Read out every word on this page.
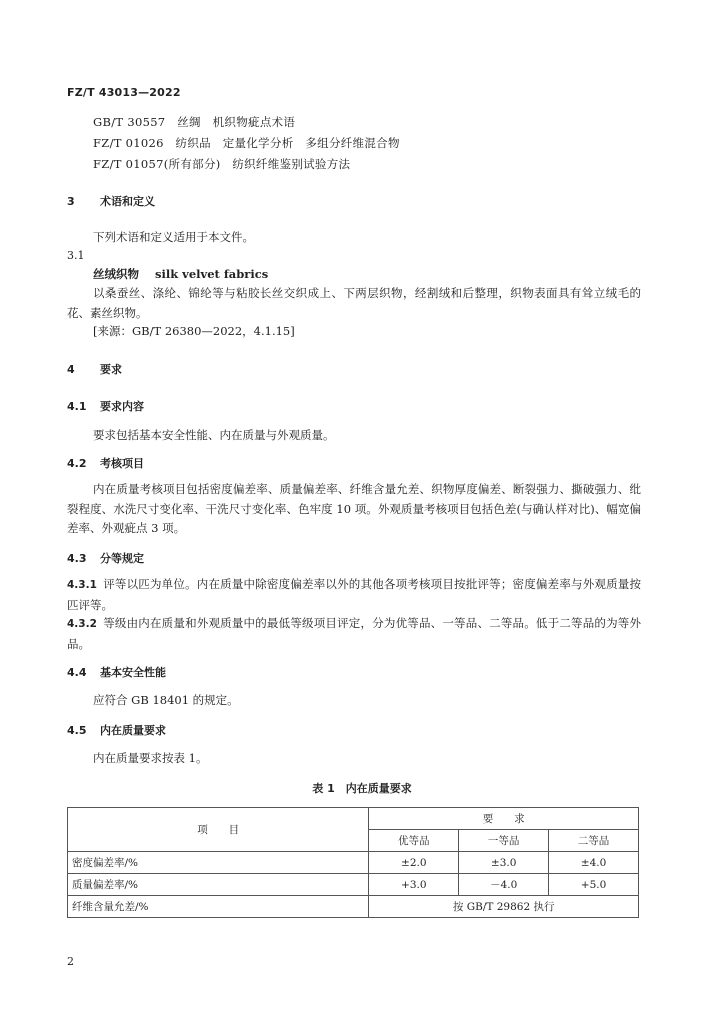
FZ/T 43013—2022
GB/T 30557　丝绸　机织物疵点术语
FZ/T 01026　纺织品　定量化学分析　多组分纤维混合物
FZ/T 01057(所有部分)　纺织纤维鉴别试验方法
3 术语和定义
下列术语和定义适用于本文件。
3.1
丝绒织物 silk velvet fabrics
以桑蚕丝、涤纶、锦纶等与粘胶长丝交织成上、下两层织物，经割绒和后整理，织物表面具有耸立绒毛的花、素丝织物。
[来源：GB/T 26380—2022，4.1.15]
4 要求
4.1 要求内容
要求包括基本安全性能、内在质量与外观质量。
4.2 考核项目
内在质量考核项目包括密度偏差率、质量偏差率、纤维含量允差、织物厚度偏差、断裂强力、撕破强力、纰裂程度、水洗尺寸变化率、干洗尺寸变化率、色牢度 10 项。外观质量考核项目包括色差(与确认样对比)、幅宽偏差率、外观疵点 3 项。
4.3 分等规定
4.3.1 评等以匹为单位。内在质量中除密度偏差率以外的其他各项考核项目按批评等；密度偏差率与外观质量按匹评等。
4.3.2 等级由内在质量和外观质量中的最低等级项目评定，分为优等品、一等品、二等品。低于二等品的为等外品。
4.4 基本安全性能
应符合 GB 18401 的规定。
4.5 内在质量要求
内在质量要求按表 1。
表 1　内在质量要求
项　　目	要　　求		
	优等品	一等品	二等品
密度偏差率/%	±2.0	±3.0	±4.0
质量偏差率/%	+3.0	－4.0	+5.0
纤维含量允差/%	按 GB/T 29862 执行		
2
